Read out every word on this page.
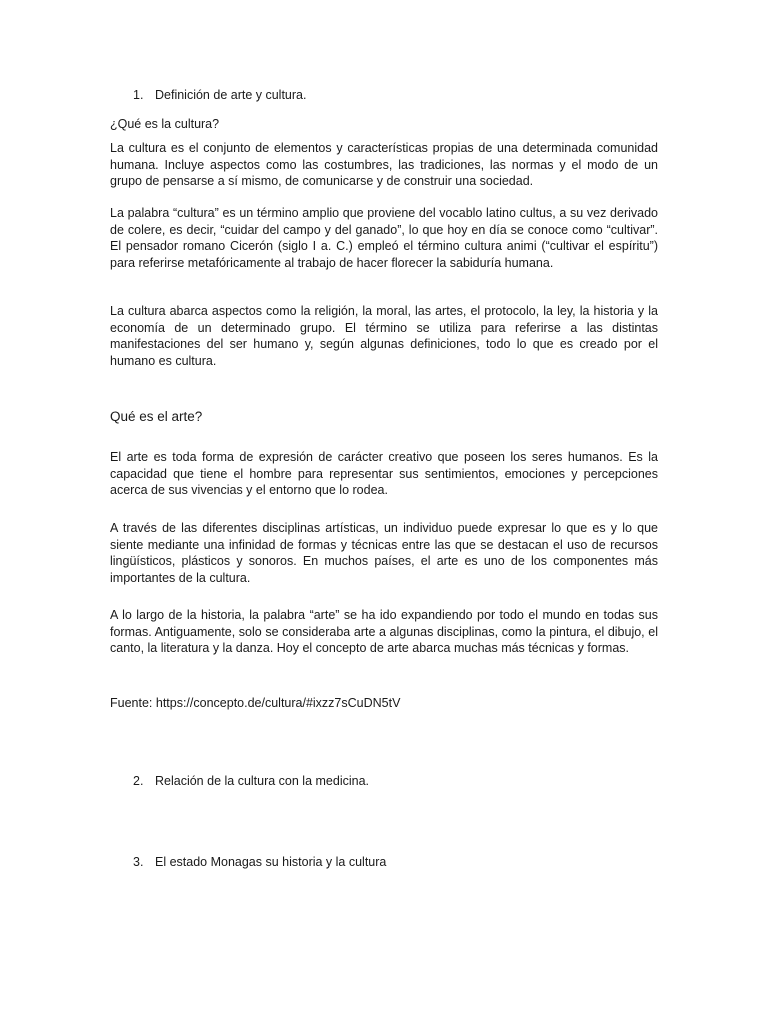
1. Definición de arte y cultura.
¿Qué es la cultura?

La cultura es el conjunto de elementos y características propias de una determinada comunidad humana. Incluye aspectos como las costumbres, las tradiciones, las normas y el modo de un grupo de pensarse a sí mismo, de comunicarse y de construir una sociedad.

La palabra “cultura” es un término amplio que proviene del vocablo latino cultus, a su vez derivado de colere, es decir, “cuidar del campo y del ganado”, lo que hoy en día se conoce como “cultivar”. El pensador romano Cicerón (siglo I a. C.) empleó el término cultura animi (“cultivar el espíritu”) para referirse metafóricamente al trabajo de hacer florecer la sabiduría humana.

La cultura abarca aspectos como la religión, la moral, las artes, el protocolo, la ley, la historia y la economía de un determinado grupo. El término se utiliza para referirse a las distintas manifestaciones del ser humano y, según algunas definiciones, todo lo que es creado por el humano es cultura.

Qué es el arte?

El arte es toda forma de expresión de carácter creativo que poseen los seres humanos. Es la capacidad que tiene el hombre para representar sus sentimientos, emociones y percepciones acerca de sus vivencias y el entorno que lo rodea.

A través de las diferentes disciplinas artísticas, un individuo puede expresar lo que es y lo que siente mediante una infinidad de formas y técnicas entre las que se destacan el uso de recursos lingüísticos, plásticos y sonoros. En muchos países, el arte es uno de los componentes más importantes de la cultura.

A lo largo de la historia, la palabra “arte” se ha ido expandiendo por todo el mundo en todas sus formas. Antiguamente, solo se consideraba arte a algunas disciplinas, como la pintura, el dibujo, el canto, la literatura y la danza. Hoy el concepto de arte abarca muchas más técnicas y formas.

Fuente: https://concepto.de/cultura/#ixzz7sCuDN5tV
2. Relación de la cultura con la medicina.
3. El estado Monagas su historia y la cultura
